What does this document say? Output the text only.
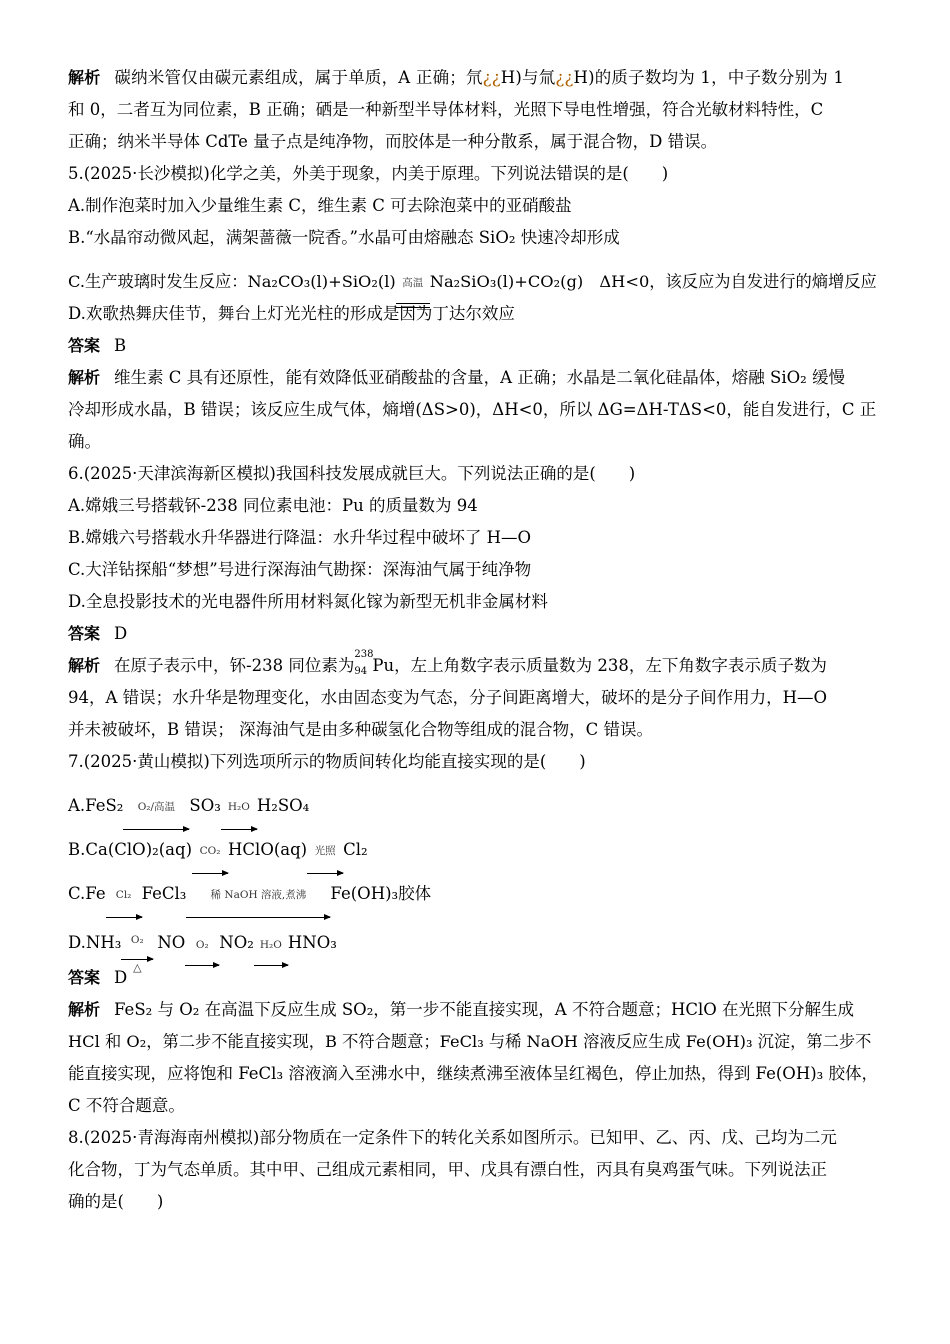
解析 碳纳米管仅由碳元素组成，属于单质，A 正确；氘¿¿H)与氚¿¿H)的质子数均为 1，中子数分别为 1
和 0，二者互为同位素，B 正确；硒是一种新型半导体材料，光照下导电性增强，符合光敏材料特性，C
正确；纳米半导体 CdTe 量子点是纯净物，而胶体是一种分散系，属于混合物，D 错误。
5.(2025·长沙模拟)化学之美，外美于现象，内美于原理。下列说法错误的是(　　)
A.制作泡菜时加入少量维生素 C，维生素 C 可去除泡菜中的亚硝酸盐
B.“水晶帘动微风起，满架蔷薇一院香。”水晶可由熔融态 SiO₂ 快速冷却形成
C.生产玻璃时发生反应：Na₂CO₃(l)+SiO₂(l) 高温 Na₂SiO₃(l)+CO₂(g)　ΔH<0，该反应为自发进行的熵增反应
D.欢歌热舞庆佳节，舞台上灯光光柱的形成是因为丁达尔效应
答案 B
解析 维生素 C 具有还原性，能有效降低亚硝酸盐的含量，A 正确；水晶是二氧化硅晶体，熔融 SiO₂ 缓慢
冷却形成水晶，B 错误；该反应生成气体，熵增(ΔS>0)，ΔH<0，所以 ΔG=ΔH-TΔS<0，能自发进行，C 正
确。
6.(2025·天津滨海新区模拟)我国科技发展成就巨大。下列说法正确的是(　　)
A.嫦娥三号搭载钚-238 同位素电池：Pu 的质量数为 94
B.嫦娥六号搭载水升华器进行降温：水升华过程中破坏了 H—O
C.大洋钻探船“梦想”号进行深海油气勘探：深海油气属于纯净物
D.全息投影技术的光电器件所用材料氮化镓为新型无机非金属材料
答案 D
解析 在原子表示中，钚-238 同位素为
238
94 Pu，左上角数字表示质量数为 238，左下角数字表示质子数为
94，A 错误；水升华是物理变化，水由固态变为气态，分子间距离增大，破坏的是分子间作用力，H—O
并未被破坏，B 错误； 深海油气是由多种碳氢化合物等组成的混合物，C 错误。
7.(2025·黄山模拟)下列选项所示的物质间转化均能直接实现的是(　　)
A.FeS₂	O₂/高温 SO₃ H₂O H₂SO₄
B.Ca(ClO)₂(aq) CO₂ HClO(aq) 光照 Cl₂
C.Fe Cl₂ FeCl₃	稀 NaOH 溶液,煮沸	Fe(OH)₃胶体
D.NH₃ O₂
△
NO	O₂ NO₂ H₂O HNO₃
答案 D
解析 FeS₂ 与 O₂ 在高温下反应生成 SO₂，第一步不能直接实现，A 不符合题意；HClO 在光照下分解生成
HCl 和 O₂，第二步不能直接实现，B 不符合题意；FeCl₃ 与稀 NaOH 溶液反应生成 Fe(OH)₃ 沉淀，第二步不
能直接实现，应将饱和 FeCl₃ 溶液滴入至沸水中，继续煮沸至液体呈红褐色，停止加热，得到 Fe(OH)₃ 胶体，
C 不符合题意。
8.(2025·青海海南州模拟)部分物质在一定条件下的转化关系如图所示。已知甲、乙、丙、戊、己均为二元
化合物，丁为气态单质。其中甲、己组成元素相同，甲、戊具有漂白性，丙具有臭鸡蛋气味。下列说法正
确的是(　　)
